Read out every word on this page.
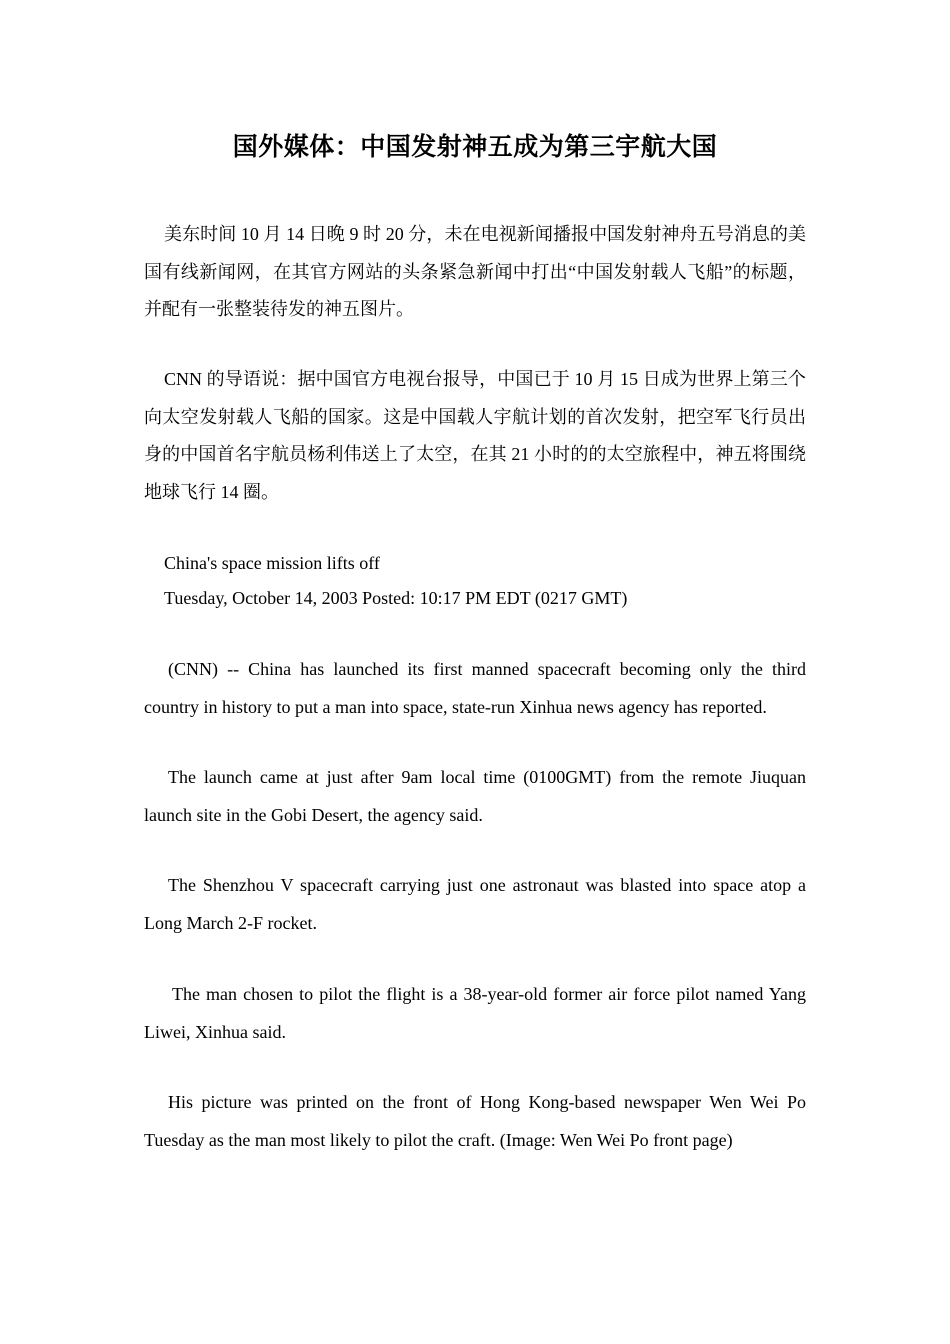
国外媒体：中国发射神五成为第三宇航大国

美东时间 10 月 14 日晚 9 时 20 分，未在电视新闻播报中国发射神舟五号消息的美国有线新闻网，在其官方网站的头条紧急新闻中打出“中国发射载人飞船”的标题，并配有一张整装待发的神五图片。

CNN 的导语说：据中国官方电视台报导，中国已于 10 月 15 日成为世界上第三个向太空发射载人飞船的国家。这是中国载人宇航计划的首次发射，把空军飞行员出身的中国首名宇航员杨利伟送上了太空，在其 21 小时的的太空旅程中，神五将围绕地球飞行 14 圈。

China's space mission lifts off
Tuesday, October 14, 2003 Posted: 10:17 PM EDT (0217 GMT)

(CNN) -- China has launched its first manned spacecraft becoming only the third country in history to put a man into space, state-run Xinhua news agency has reported.

The launch came at just after 9am local time (0100GMT) from the remote Jiuquan launch site in the Gobi Desert, the agency said.

The Shenzhou V spacecraft carrying just one astronaut was blasted into space atop a Long March 2-F rocket.

The man chosen to pilot the flight is a 38-year-old former air force pilot named Yang Liwei, Xinhua said.

His picture was printed on the front of Hong Kong-based newspaper Wen Wei Po Tuesday as the man most likely to pilot the craft. (Image: Wen Wei Po front page)
